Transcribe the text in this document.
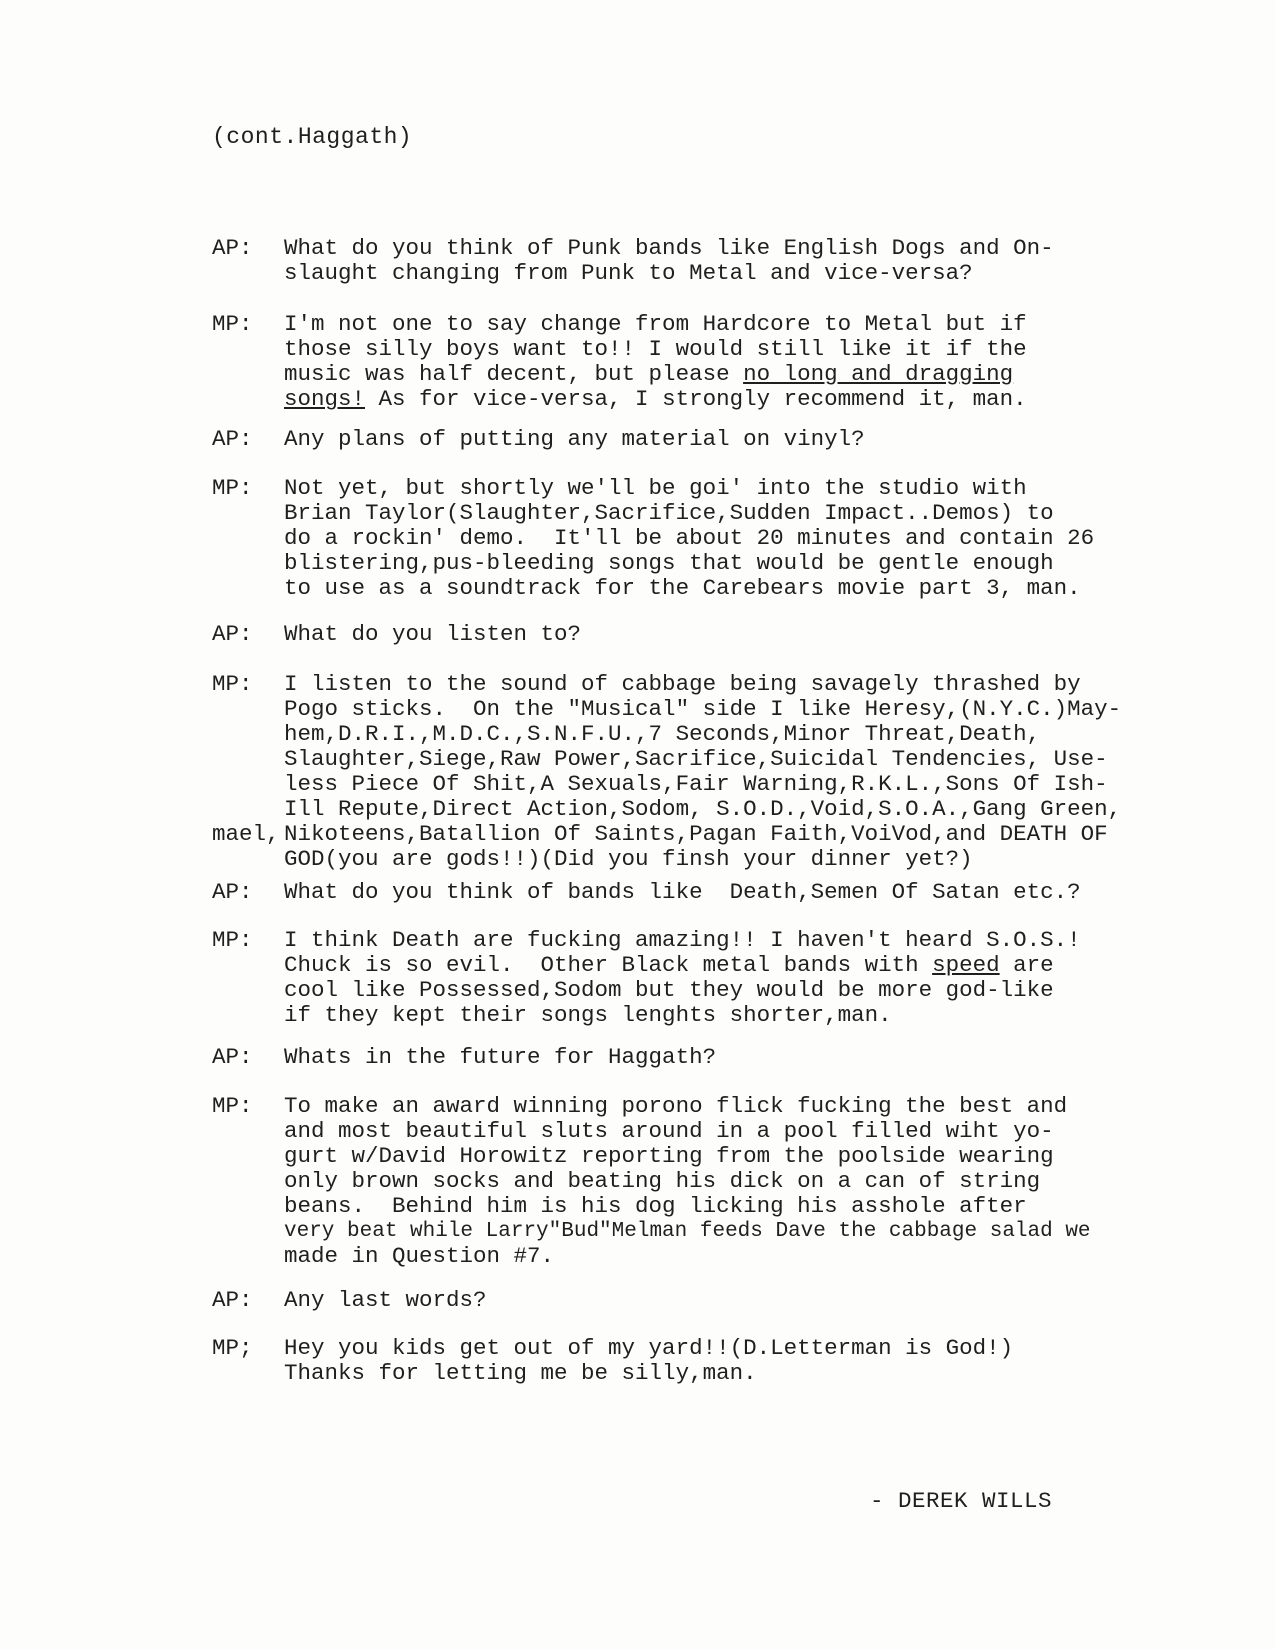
(cont.Haggath)
AP:	What do you think of Punk bands like English Dogs and On-
slaught changing from Punk to Metal and vice-versa?
MP:	I'm not one to say change from Hardcore to Metal but if
those silly boys want to!! I would still like it if the
music was half decent, but please no long and dragging
songs! As for vice-versa, I strongly recommend it, man.
AP:	Any plans of putting any material on vinyl?
MP:	Not yet, but shortly we'll be goi' into the studio with
Brian Taylor(Slaughter,Sacrifice,Sudden Impact..Demos) to
do a rockin' demo.  It'll be about 20 minutes and contain 26
blistering,pus-bleeding songs that would be gentle enough
to use as a soundtrack for the Carebears movie part 3, man.
AP:	What do you listen to?
MP:	I listen to the sound of cabbage being savagely thrashed by
Pogo sticks.  On the "Musical" side I like Heresy,(N.Y.C.)May-
hem,D.R.I.,M.D.C.,S.N.F.U.,7 Seconds,Minor Threat,Death,
Slaughter,Siege,Raw Power,Sacrifice,Suicidal Tendencies, Use-
less Piece Of Shit,A Sexuals,Fair Warning,R.K.L.,Sons Of Ish-
Ill Repute,Direct Action,Sodom, S.O.D.,Void,S.O.A.,Gang Green,
Nikoteens,Batallion Of Saints,Pagan Faith,VoiVod,and DEATH OF
GOD(you are gods!!)(Did you finsh your dinner yet?)
mael,
AP:	What do you think of bands like  Death,Semen Of Satan etc.?
MP:	I think Death are fucking amazing!! I haven't heard S.O.S.!
Chuck is so evil.  Other Black metal bands with speed are
cool like Possessed,Sodom but they would be more god-like
if they kept their songs lenghts shorter,man.
AP:	Whats in the future for Haggath?
MP:	To make an award winning porono flick fucking the best and
and most beautiful sluts around in a pool filled wiht yo-
gurt w/David Horowitz reporting from the poolside wearing
only brown socks and beating his dick on a can of string
beans.  Behind him is his dog licking his asshole after
very beat while Larry"Bud"Melman feeds Dave the cabbage salad we
made in Question #7.
AP:	Any last words?
MP;	Hey you kids get out of my yard!!(D.Letterman is God!)
Thanks for letting me be silly,man.
- DEREK WILLS
